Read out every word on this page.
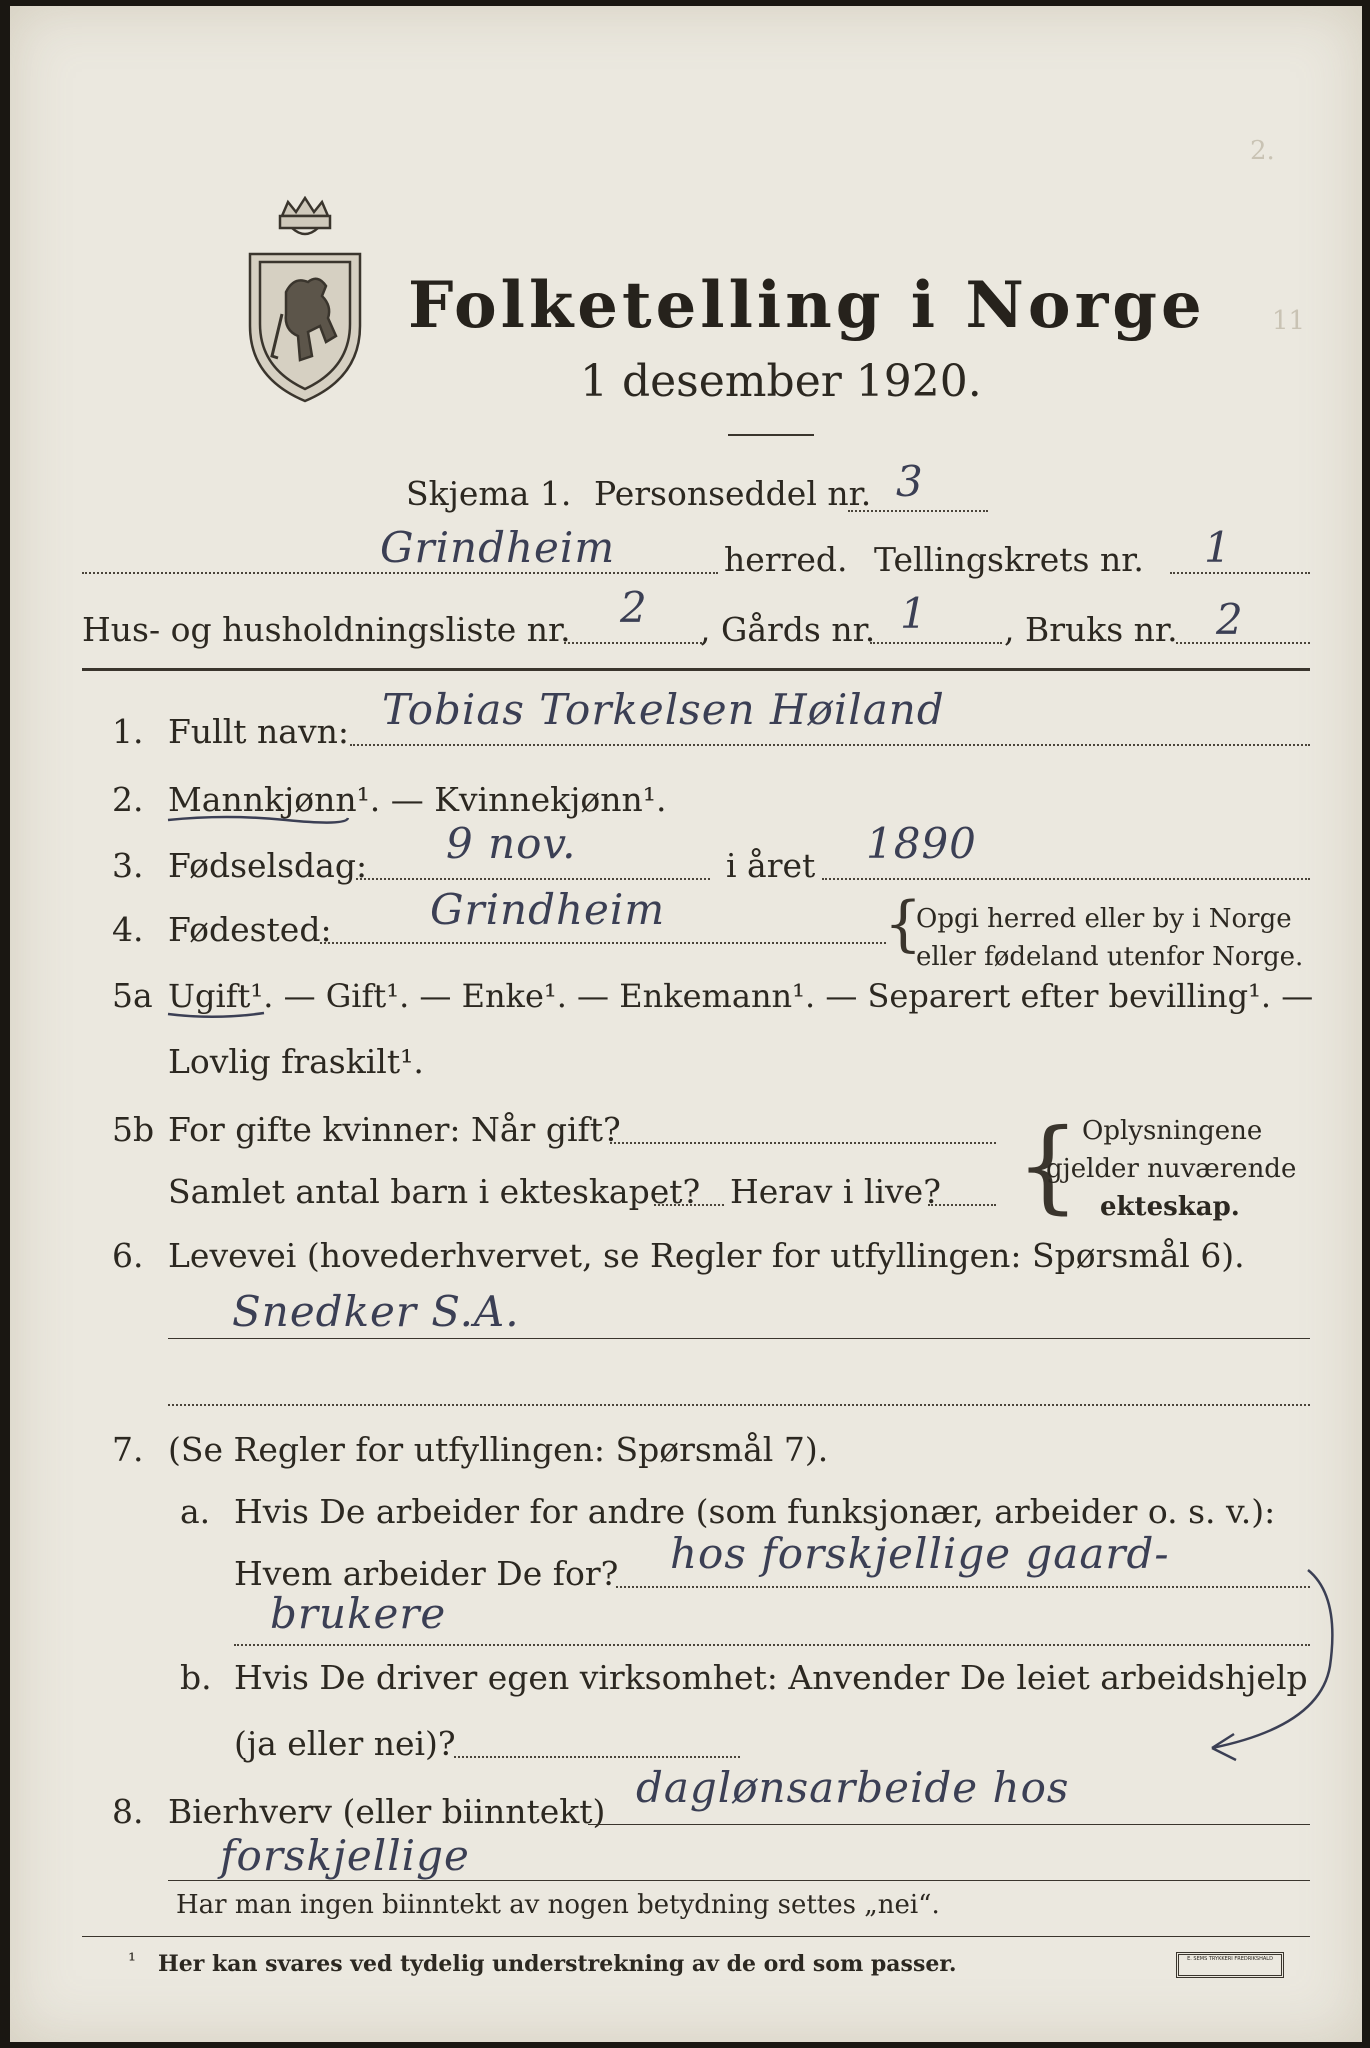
2.
11
Folketelling i Norge
1 desember 1920.
Skjema 1. Personseddel nr. 3
Grindheim	herred. Tellingskrets nr. 1
Hus- og husholdningsliste nr. 2 , Gårds nr. 1 , Bruks nr. 2
1. Fullt navn: Tobias Torkelsen Høiland
2. Mannkjønn¹. — Kvinnekjønn¹.
3. Fødselsdag: 9 nov.	i året 1890
4. Fødested: Grindheim	{
Opgi herred eller by i Norge
eller fødeland utenfor Norge.
5a Ugift¹. — Gift¹. — Enke¹. — Enkemann¹. — Separert efter bevilling¹. —
Lovlig fraskilt¹.
5b For gifte kvinner: Når gift?
Samlet antal barn i ekteskapet? Herav i live? { Oplysningene
gjelder nuværende
ekteskap.
6. Levevei (hovederhvervet, se Regler for utfyllingen: Spørsmål 6).
Snedker S.A.
7. (Se Regler for utfyllingen: Spørsmål 7).
a. Hvis De arbeider for andre (som funksjonær, arbeider o. s. v.):
Hvem arbeider De for? hos forskjellige gaard-
brukere
b. Hvis De driver egen virksomhet: Anvender De leiet arbeidshjelp
(ja eller nei)?
8. Bierhverv (eller biinntekt) daglønsarbeide hos
forskjellige
Har man ingen biinntekt av nogen betydning settes „nei“.
¹ Her kan svares ved tydelig understrekning av de ord som passer.	E. SEMS TRYKKERI FREDRIKSHALD
